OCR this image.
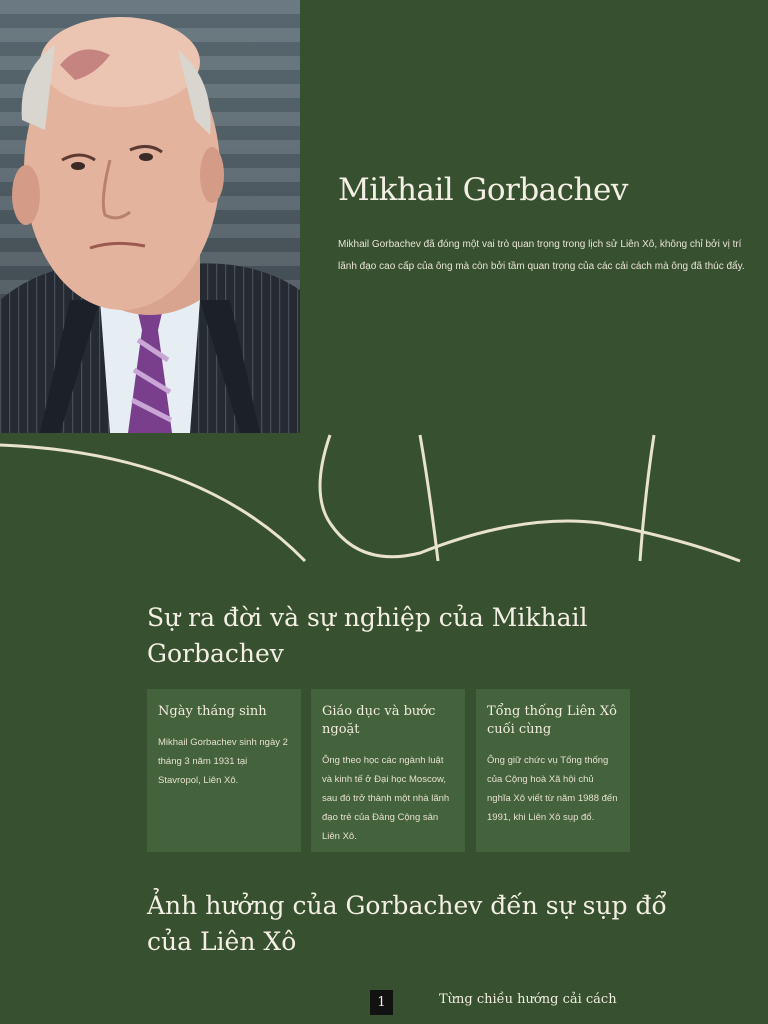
Mikhail Gorbachev

Mikhail Gorbachev đã đóng một vai trò quan trọng trong lịch sử Liên Xô, không chỉ bởi vị trí lãnh đạo cao cấp của ông mà còn bởi tầm quan trọng của các cải cách mà ông đã thúc đẩy.

Sự ra đời và sự nghiệp của Mikhail Gorbachev
Ngày tháng sinh

Mikhail Gorbachev sinh ngày 2 tháng 3 năm 1931 tại Stavropol, Liên Xô.

Giáo dục và bước ngoặt

Ông theo học các ngành luật và kinh tế ở Đại học Moscow, sau đó trở thành một nhà lãnh đạo trẻ của Đảng Cộng sản Liên Xô.

Tổng thống Liên Xô cuối cùng

Ông giữ chức vụ Tổng thống của Cộng hoà Xã hội chủ nghĩa Xô viết từ năm 1988 đến 1991, khi Liên Xô sụp đổ.

Ảnh hưởng của Gorbachev đến sự sụp đổ của Liên Xô
1	Từng chiều hướng cải cách
